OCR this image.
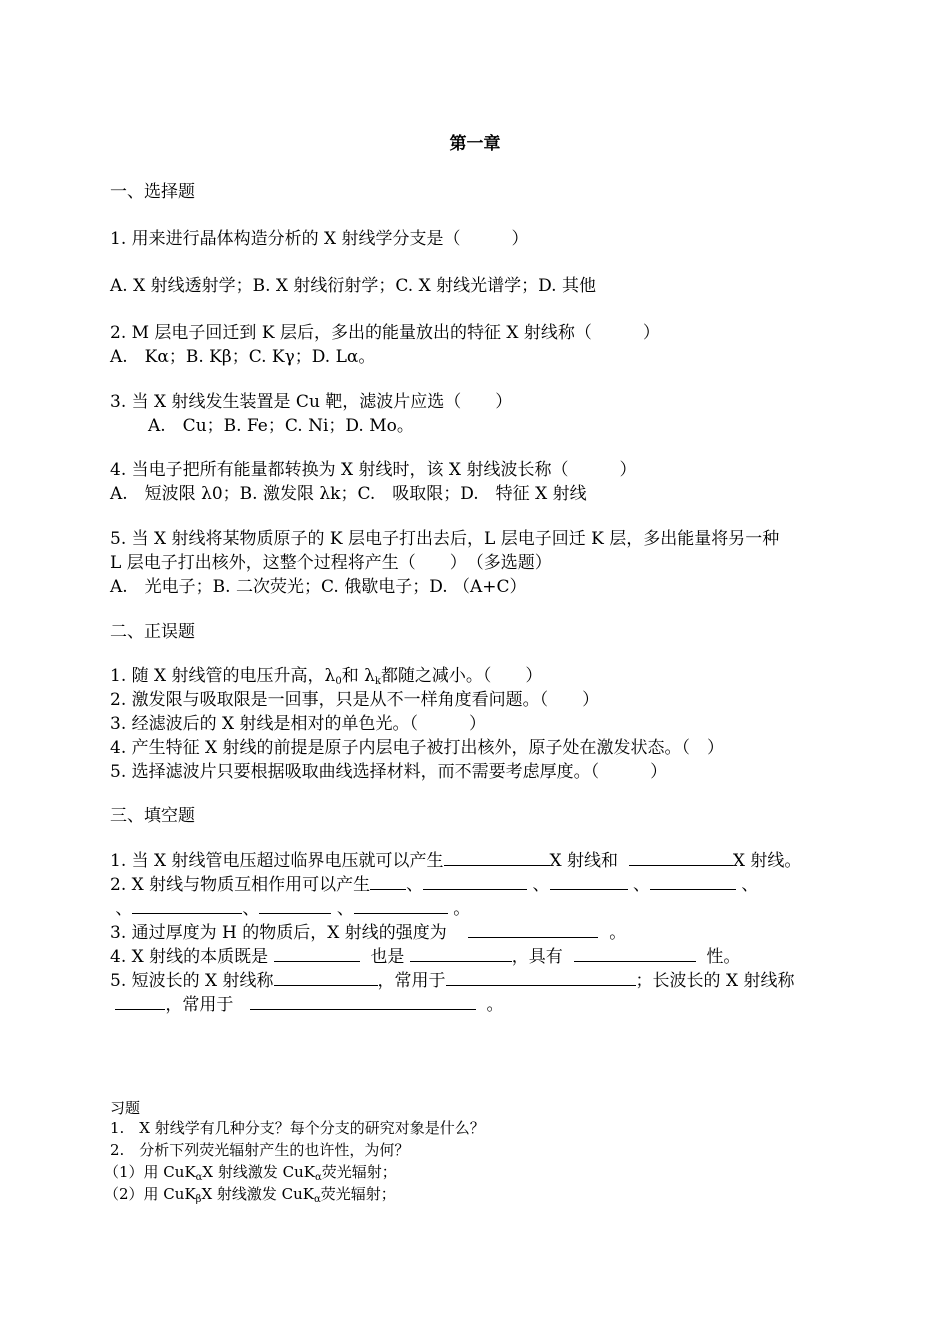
第一章
一、选择题
1. 用来进行晶体构造分析的 X 射线学分支是（　　　）
A. X 射线透射学；B. X 射线衍射学；C. X 射线光谱学；D. 其他
2. M 层电子回迁到 K 层后，多出的能量放出的特征 X 射线称（　　　）
A.　Kα；B. Kβ；C. Kγ；D. Lα。
3. 当 X 射线发生装置是 Cu 靶，滤波片应选（　　）
A.　Cu；B. Fe；C. Ni；D. Mo。
4. 当电子把所有能量都转换为 X 射线时，该 X 射线波长称（　　　）
A.　短波限 λ0；B. 激发限 λk；C.　吸取限；D.　特征 X 射线
5. 当 X 射线将某物质原子的 K 层电子打出去后，L 层电子回迁 K 层，多出能量将另一种
L 层电子打出核外，这整个过程将产生（　　）　（多选题）
A.　光电子；B. 二次荧光；C. 俄歇电子；D. （A+C）
二、正误题
1. 随 X 射线管的电压升高，$\lambda_0$和 $\lambda_k$都随之减小。（　　）
2. 激发限与吸取限是一回事，只是从不一样角度看问题。（　　）
3. 经滤波后的 X 射线是相对的单色光。（　　　）
4. 产生特征 X 射线的前提是原子内层电子被打出核外，原子处在激发状态。（　）
5. 选择滤波片只要根据吸取曲线选择材料，而不需要考虑厚度。（　　　）
三、填空题
1. 当 X 射线管电压超过临界电压就可以产生	X 射线和	X 射线。
2. X 射线与物质互相作用可以产生 、	、	、	、
、	、	、	。
3. 通过厚度为 H 的物质后，X 射线的强度为	。
4. X 射线的本质既是	也是	，具有	性。
5. 短波长的 X 射线称	，常用于	；长波长的 X 射线称
，常用于	。
习题
1.　X 射线学有几种分支？每个分支的研究对象是什么？
2.　分析下列荧光辐射产生的也许性，为何？
（1）用 CuK$_\alpha$X 射线激发 CuK$_\alpha$荧光辐射；
（2）用 CuK$_\beta$X 射线激发 CuK$_\alpha$荧光辐射；
